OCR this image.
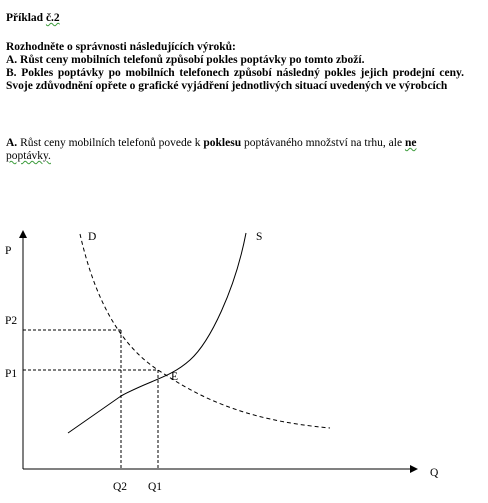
Příklad č.2

Rozhodněte o správnosti následujících výroků:

A. Růst ceny mobilních telefonů způsobí pokles poptávky po tomto zboží.

B. Pokles poptávky po mobilních telefonech způsobí následný pokles jejich prodejní ceny. Svoje zdůvodnění opřete o grafické vyjádření jednotlivých situací uvedených ve výrobcích

A. Růst ceny mobilních telefonů povede k poklesu poptávaného množství na trhu, ale ne
poptávky.
P
Q
D	S
E
P2
P1
Q2 Q1
